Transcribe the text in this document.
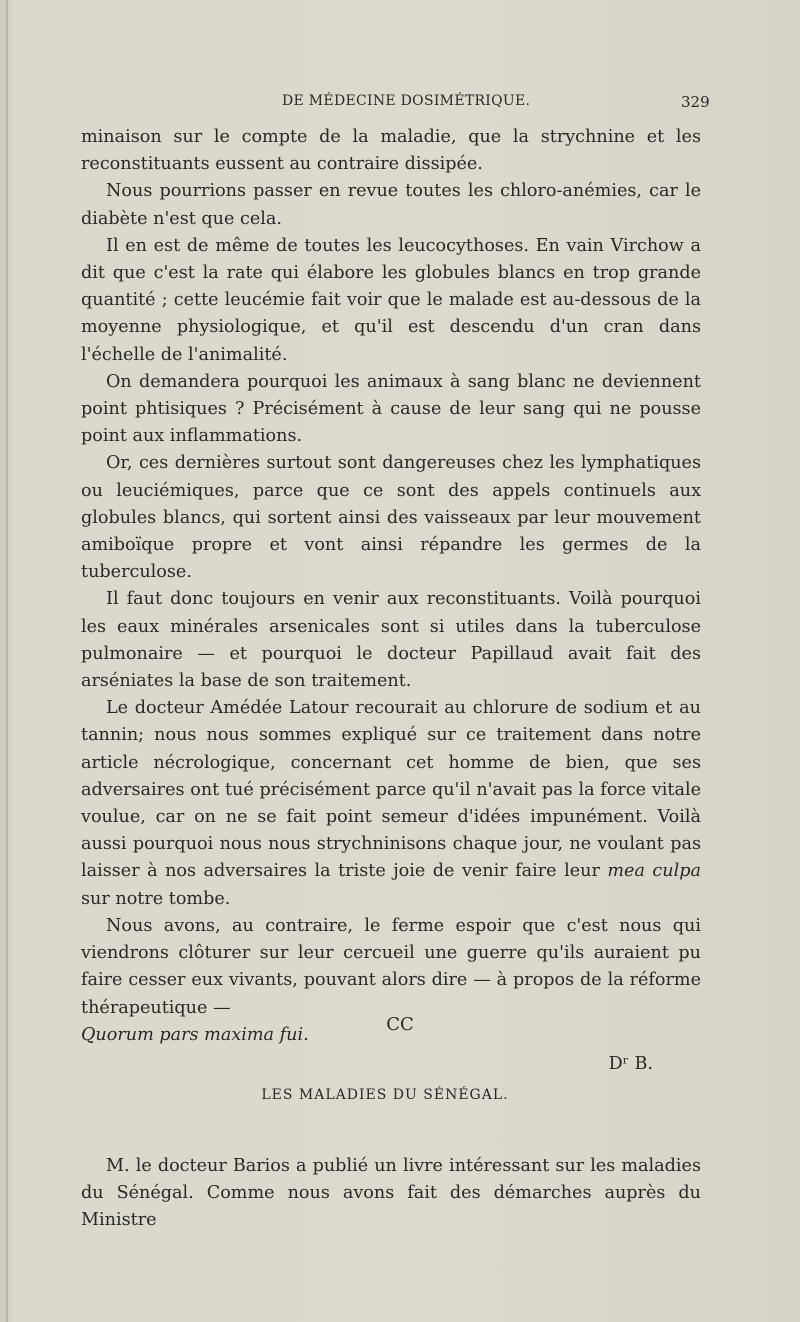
DE MÉDECINE DOSIMÉTRIQUE.	329

minaison sur le compte de la maladie, que la strychnine et les reconstituants eussent au contraire dissipée.

Nous pourrions passer en revue toutes les chloro-anémies, car le diabète n'est que cela.

Il en est de même de toutes les leucocythoses. En vain Virchow a dit que c'est la rate qui élabore les globules blancs en trop grande quantité ; cette leucémie fait voir que le malade est au-dessous de la moyenne physiologique, et qu'il est descendu d'un cran dans l'échelle de l'animalité.

On demandera pourquoi les animaux à sang blanc ne deviennent point phtisiques ? Précisément à cause de leur sang qui ne pousse point aux inflammations.

Or, ces dernières surtout sont dangereuses chez les lymphatiques ou leuciémiques, parce que ce sont des appels continuels aux globules blancs, qui sortent ainsi des vaisseaux par leur mouvement amiboïque propre et vont ainsi répandre les germes de la tuberculose.

Il faut donc toujours en venir aux reconstituants. Voilà pourquoi les eaux minérales arsenicales sont si utiles dans la tuberculose pulmonaire — et pourquoi le docteur Papillaud avait fait des arséniates la base de son traitement.

Le docteur Amédée Latour recourait au chlorure de sodium et au tannin; nous nous sommes expliqué sur ce traitement dans notre article nécrologique, concernant cet homme de bien, que ses adversaires ont tué précisément parce qu'il n'avait pas la force vitale voulue, car on ne se fait point semeur d'idées impunément. Voilà aussi pourquoi nous nous strychninisons chaque jour, ne voulant pas laisser à nos adversaires la triste joie de venir faire leur mea culpa sur notre tombe.

Nous avons, au contraire, le ferme espoir que c'est nous qui viendrons clôturer sur leur cercueil une guerre qu'ils auraient pu faire cesser eux vivants, pouvant alors dire — à propos de la réforme thérapeutique —

Quorum pars maxima fui.

Dʳ B.
CC
LES MALADIES DU SÉNÉGAL.

M. le docteur Barios a publié un livre intéressant sur les maladies du Sénégal. Comme nous avons fait des démarches auprès du Ministre
